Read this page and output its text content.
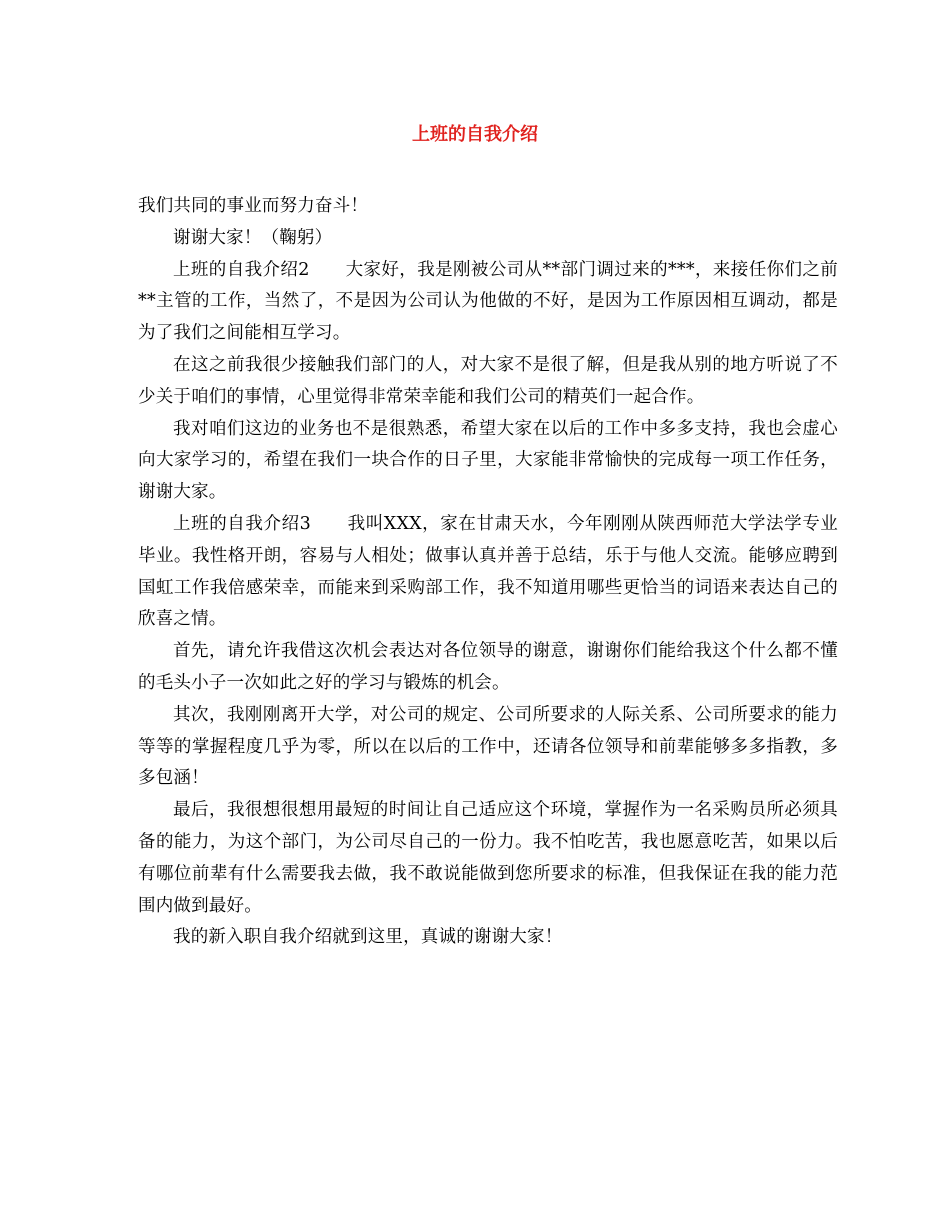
上班的自我介绍

我们共同的事业而努力奋斗！

谢谢大家！（鞠躬）

上班的自我介绍2　　大家好，我是刚被公司从**部门调过来的***，来接任你们之前**主管的工作，当然了，不是因为公司认为他做的不好，是因为工作原因相互调动，都是为了我们之间能相互学习。

在这之前我很少接触我们部门的人，对大家不是很了解，但是我从别的地方听说了不少关于咱们的事情，心里觉得非常荣幸能和我们公司的精英们一起合作。

我对咱们这边的业务也不是很熟悉，希望大家在以后的工作中多多支持，我也会虚心向大家学习的，希望在我们一块合作的日子里，大家能非常愉快的完成每一项工作任务，谢谢大家。

上班的自我介绍3　　我叫XXX，家在甘肃天水，今年刚刚从陕西师范大学法学专业毕业。我性格开朗，容易与人相处；做事认真并善于总结，乐于与他人交流。能够应聘到国虹工作我倍感荣幸，而能来到采购部工作，我不知道用哪些更恰当的词语来表达自己的欣喜之情。

首先，请允许我借这次机会表达对各位领导的谢意，谢谢你们能给我这个什么都不懂的毛头小子一次如此之好的学习与锻炼的机会。

其次，我刚刚离开大学，对公司的规定、公司所要求的人际关系、公司所要求的能力等等的掌握程度几乎为零，所以在以后的工作中，还请各位领导和前辈能够多多指教，多多包涵！

最后，我很想很想用最短的时间让自己适应这个环境，掌握作为一名采购员所必须具备的能力，为这个部门，为公司尽自己的一份力。我不怕吃苦，我也愿意吃苦，如果以后有哪位前辈有什么需要我去做，我不敢说能做到您所要求的标准，但我保证在我的能力范围内做到最好。

我的新入职自我介绍就到这里，真诚的谢谢大家！
